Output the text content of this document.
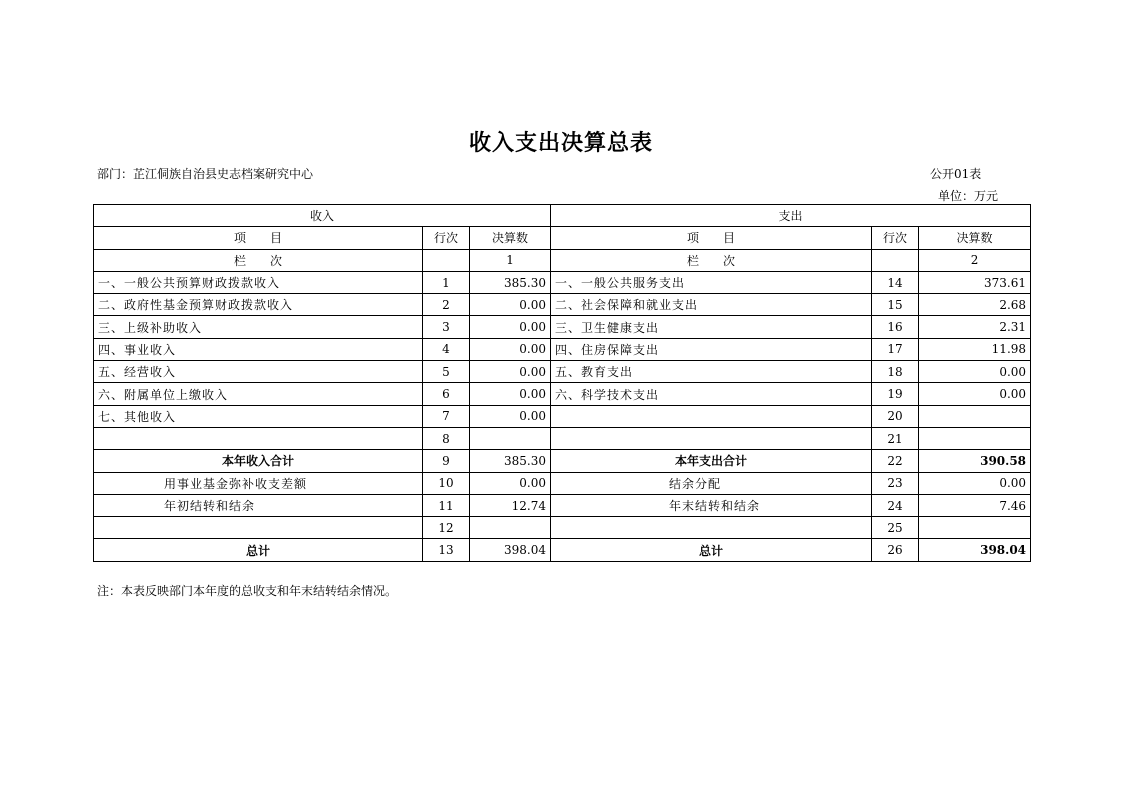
收入支出决算总表
部门：芷江侗族自治县史志档案研究中心	公开01表
单位：万元
收入			支出		
项　　目	行次	决算数	项　　目	行次	决算数
栏　　次		1	栏　　次		2
一、一般公共预算财政拨款收入	1	385.30	一、一般公共服务支出	14	373.61
二、政府性基金预算财政拨款收入	2	0.00	二、社会保障和就业支出	15	2.68
三、上级补助收入	3	0.00	三、卫生健康支出	16	2.31
四、事业收入	4	0.00	四、住房保障支出	17	11.98
五、经营收入	5	0.00	五、教育支出	18	0.00
六、附属单位上缴收入	6	0.00	六、科学技术支出	19	0.00
七、其他收入	7	0.00		20	
	8			21	
本年收入合计	9	385.30	本年支出合计	22	390.58
用事业基金弥补收支差额	10	0.00	结余分配	23	0.00
年初结转和结余	11	12.74	年末结转和结余	24	7.46
	12			25	
总计	13	398.04	总计	26	398.04
注：本表反映部门本年度的总收支和年末结转结余情况。
